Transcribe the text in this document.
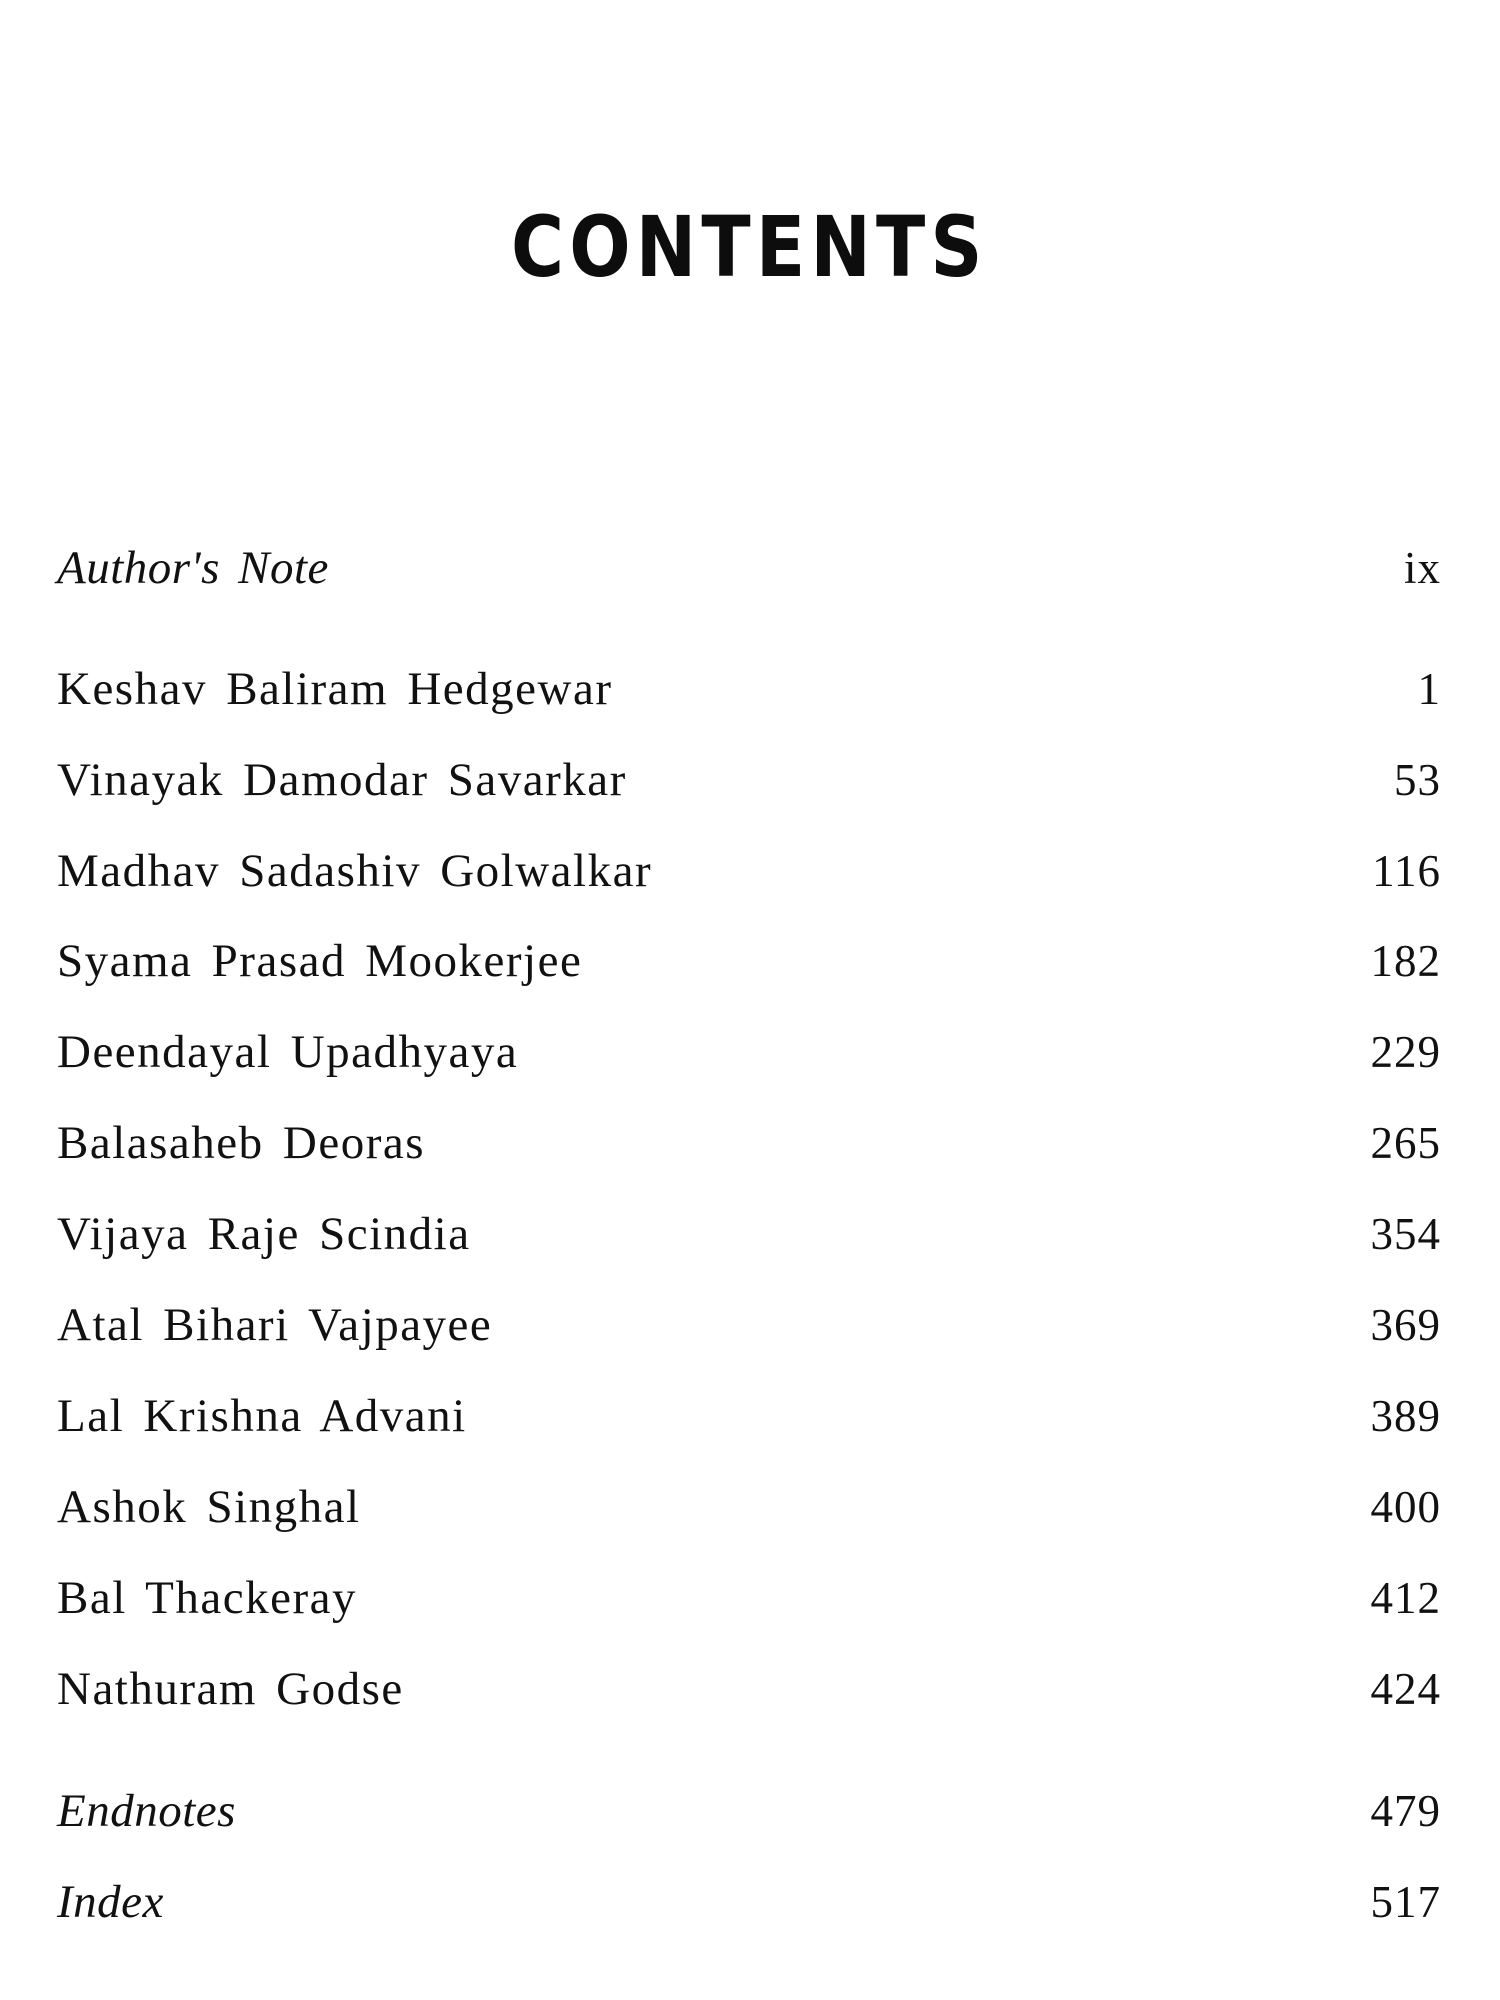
CONTENTS
Author's Note	ix
Keshav Baliram Hedgewar	1
Vinayak Damodar Savarkar	53
Madhav Sadashiv Golwalkar	116
Syama Prasad Mookerjee	182
Deendayal Upadhyaya	229
Balasaheb Deoras	265
Vijaya Raje Scindia	354
Atal Bihari Vajpayee	369
Lal Krishna Advani	389
Ashok Singhal	400
Bal Thackeray	412
Nathuram Godse	424
Endnotes	479
Index	517
